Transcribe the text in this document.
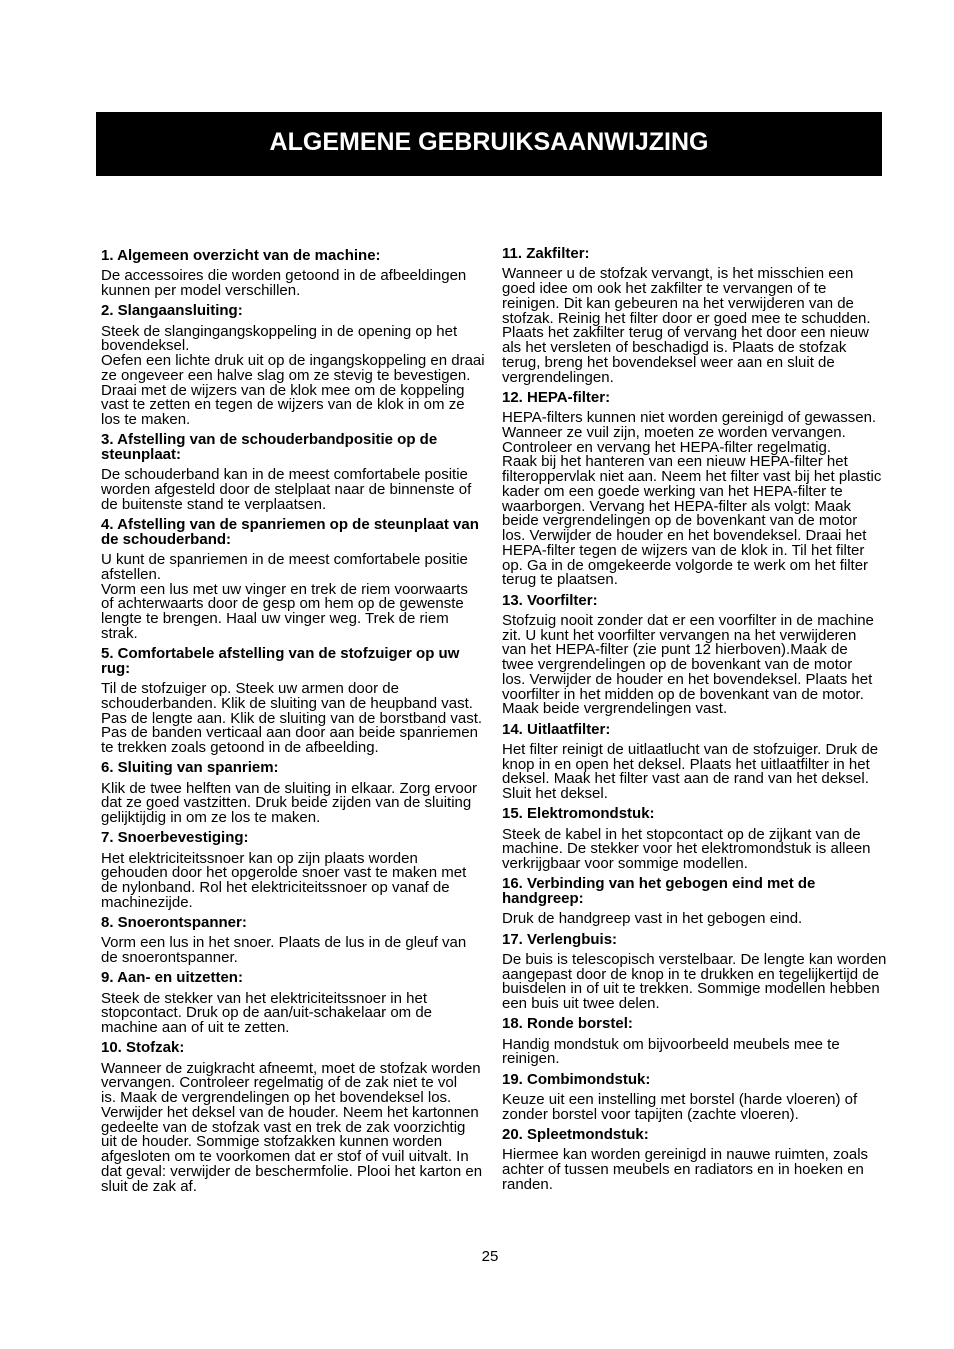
ALGEMENE GEBRUIKSAANWIJZING
1. Algemeen overzicht van de machine:
De accessoires die worden getoond in de afbeeldingen
kunnen per model verschillen.
2. Slangaansluiting:
Steek de slangingangskoppeling in de opening op het
bovendeksel.
Oefen een lichte druk uit op de ingangskoppeling en draai
ze ongeveer een halve slag om ze stevig te bevestigen.
Draai met de wijzers van de klok mee om de koppeling
vast te zetten en tegen de wijzers van de klok in om ze
los te maken.
3. Afstelling van de schouderbandpositie op de
steunplaat:
De schouderband kan in de meest comfortabele positie
worden afgesteld door de stelplaat naar de binnenste of
de buitenste stand te verplaatsen.
4. Afstelling van de spanriemen op de steunplaat van
de schouderband:
U kunt de spanriemen in de meest comfortabele positie
afstellen.
Vorm een lus met uw vinger en trek de riem voorwaarts
of achterwaarts door de gesp om hem op de gewenste
lengte te brengen. Haal uw vinger weg. Trek de riem
strak.
5. Comfortabele afstelling van de stofzuiger op uw
rug:
Til de stofzuiger op. Steek uw armen door de
schouderbanden. Klik de sluiting van de heupband vast.
Pas de lengte aan. Klik de sluiting van de borstband vast.
Pas de banden verticaal aan door aan beide spanriemen
te trekken zoals getoond in de afbeelding.
6. Sluiting van spanriem:
Klik de twee helften van de sluiting in elkaar. Zorg ervoor
dat ze goed vastzitten. Druk beide zijden van de sluiting
gelijktijdig in om ze los te maken.
7. Snoerbevestiging:
Het elektriciteitssnoer kan op zijn plaats worden
gehouden door het opgerolde snoer vast te maken met
de nylonband. Rol het elektriciteitssnoer op vanaf de
machinezijde.
8. Snoerontspanner:
Vorm een lus in het snoer. Plaats de lus in de gleuf van
de snoerontspanner.
9. Aan- en uitzetten:
Steek de stekker van het elektriciteitssnoer in het
stopcontact. Druk op de aan/uit-schakelaar om de
machine aan of uit te zetten.
10. Stofzak:
Wanneer de zuigkracht afneemt, moet de stofzak worden
vervangen. Controleer regelmatig of de zak niet te vol
is. Maak de vergrendelingen op het bovendeksel los.
Verwijder het deksel van de houder. Neem het kartonnen
gedeelte van de stofzak vast en trek de zak voorzichtig
uit de houder. Sommige stofzakken kunnen worden
afgesloten om te voorkomen dat er stof of vuil uitvalt. In
dat geval: verwijder de beschermfolie. Plooi het karton en
sluit de zak af.
11. Zakfilter:
Wanneer u de stofzak vervangt, is het misschien een
goed idee om ook het zakfilter te vervangen of te
reinigen. Dit kan gebeuren na het verwijderen van de
stofzak. Reinig het filter door er goed mee te schudden.
Plaats het zakfilter terug of vervang het door een nieuw
als het versleten of beschadigd is. Plaats de stofzak
terug, breng het bovendeksel weer aan en sluit de
vergrendelingen.
12. HEPA-filter:
HEPA-filters kunnen niet worden gereinigd of gewassen.
Wanneer ze vuil zijn, moeten ze worden vervangen.
Controleer en vervang het HEPA-filter regelmatig.
Raak bij het hanteren van een nieuw HEPA-filter het
filteroppervlak niet aan. Neem het filter vast bij het plastic
kader om een goede werking van het HEPA-filter te
waarborgen. Vervang het HEPA-filter als volgt: Maak
beide vergrendelingen op de bovenkant van de motor
los. Verwijder de houder en het bovendeksel. Draai het
HEPA-filter tegen de wijzers van de klok in. Til het filter
op. Ga in de omgekeerde volgorde te werk om het filter
terug te plaatsen.
13. Voorfilter:
Stofzuig nooit zonder dat er een voorfilter in de machine
zit. U kunt het voorfilter vervangen na het verwijderen
van het HEPA-filter (zie punt 12 hierboven).Maak de
twee vergrendelingen op de bovenkant van de motor
los. Verwijder de houder en het bovendeksel. Plaats het
voorfilter in het midden op de bovenkant van de motor.
Maak beide vergrendelingen vast.
14. Uitlaatfilter:
Het filter reinigt de uitlaatlucht van de stofzuiger. Druk de
knop in en open het deksel. Plaats het uitlaatfilter in het
deksel. Maak het filter vast aan de rand van het deksel.
Sluit het deksel.
15. Elektromondstuk:
Steek de kabel in het stopcontact op de zijkant van de
machine. De stekker voor het elektromondstuk is alleen
verkrijgbaar voor sommige modellen.
16. Verbinding van het gebogen eind met de
handgreep:
Druk de handgreep vast in het gebogen eind.
17. Verlengbuis:
De buis is telescopisch verstelbaar. De lengte kan worden
aangepast door de knop in te drukken en tegelijkertijd de
buisdelen in of uit te trekken. Sommige modellen hebben
een buis uit twee delen.
18. Ronde borstel:
Handig mondstuk om bijvoorbeeld meubels mee te
reinigen.
19. Combimondstuk:
Keuze uit een instelling met borstel (harde vloeren) of
zonder borstel voor tapijten (zachte vloeren).
20. Spleetmondstuk:
Hiermee kan worden gereinigd in nauwe ruimten, zoals
achter of tussen meubels en radiators en in hoeken en
randen.
25
